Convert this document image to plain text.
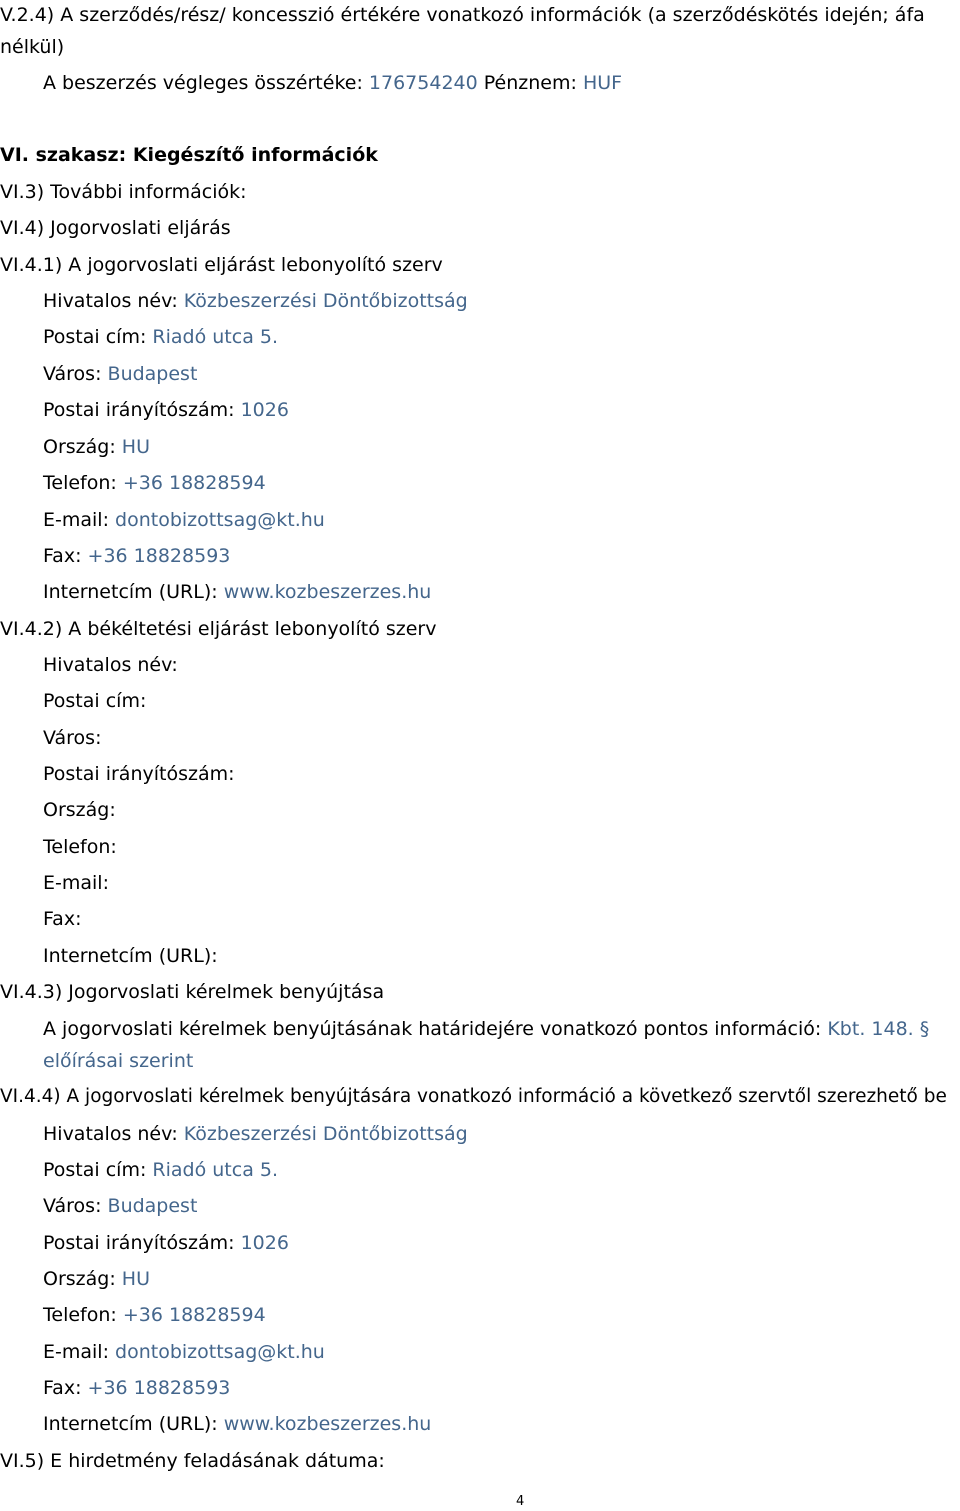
V.2.4) A szerződés/rész/ koncesszió értékére vonatkozó információk (a szerződéskötés idején; áfa
nélkül)
A beszerzés végleges összértéke: 176754240 Pénznem: HUF
VI. szakasz: Kiegészítő információk
VI.3) További információk:
VI.4) Jogorvoslati eljárás
VI.4.1) A jogorvoslati eljárást lebonyolító szerv
Hivatalos név: Közbeszerzési Döntőbizottság
Postai cím: Riadó utca 5.
Város: Budapest
Postai irányítószám: 1026
Ország: HU
Telefon: +36 18828594
E-mail: dontobizottsag@kt.hu
Fax: +36 18828593
Internetcím (URL): www.kozbeszerzes.hu
VI.4.2) A békéltetési eljárást lebonyolító szerv
Hivatalos név:
Postai cím:
Város:
Postai irányítószám:
Ország:
Telefon:
E-mail:
Fax:
Internetcím (URL):
VI.4.3) Jogorvoslati kérelmek benyújtása
A jogorvoslati kérelmek benyújtásának határidejére vonatkozó pontos információ: Kbt. 148. §
előírásai szerint
VI.4.4) A jogorvoslati kérelmek benyújtására vonatkozó információ a következő szervtől szerezhető be
Hivatalos név: Közbeszerzési Döntőbizottság
Postai cím: Riadó utca 5.
Város: Budapest
Postai irányítószám: 1026
Ország: HU
Telefon: +36 18828594
E-mail: dontobizottsag@kt.hu
Fax: +36 18828593
Internetcím (URL): www.kozbeszerzes.hu
VI.5) E hirdetmény feladásának dátuma:
4
